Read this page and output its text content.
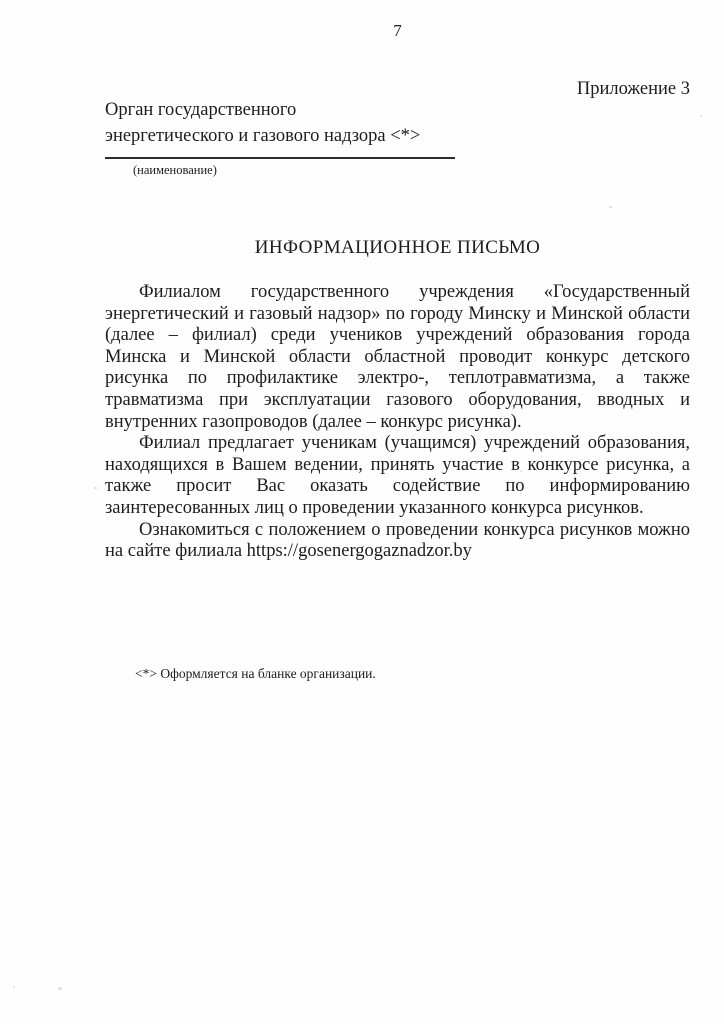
7
Приложение 3
Орган государственного
энергетического и газового надзора <*>
(наименование)
ИНФОРМАЦИОННОЕ ПИСЬМО

Филиалом государственного учреждения «Государственный энергетический и газовый надзор» по городу Минску и Минской области (далее – филиал) среди учеников учреждений образования города Минска и Минской области областной проводит конкурс детского рисунка по профилактике электро-, теплотравматизма, а также травматизма при эксплуатации газового оборудования, вводных и внутренних газопроводов (далее – конкурс рисунка).

Филиал предлагает ученикам (учащимся) учреждений образования, находящихся в Вашем ведении, принять участие в конкурсе рисунка, а также просит Вас оказать содействие по информированию заинтересованных лиц о проведении указанного конкурса рисунков.

Ознакомиться с положением о проведении конкурса рисунков можно на сайте филиала https://gosenergogaznadzor.by

<*> Оформляется на бланке организации.
